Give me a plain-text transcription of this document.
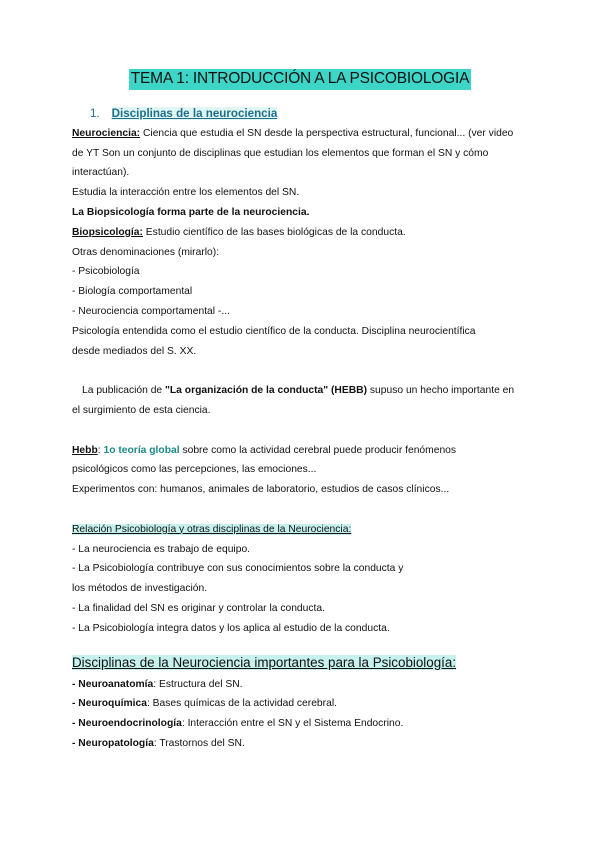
TEMA 1: INTRODUCCIÓN A LA PSICOBIOLOGIA
1. Disciplinas de la neurociencia
Neurociencia: Ciencia que estudia el SN desde la perspectiva estructural, funcional... (ver video
de YT Son un conjunto de disciplinas que estudian los elementos que forman el SN y cómo
interactúan).
Estudia la interacción entre los elementos del SN.
La Biopsicología forma parte de la neurociencia.
Biopsicología: Estudio científico de las bases biológicas de la conducta.
Otras denominaciones (mirarlo):
- Psicobiología
- Biología comportamental
- Neurociencia comportamental -...
Psicología entendida como el estudio científico de la conducta. Disciplina neurocientífica
desde mediados del S. XX.
La publicación de "La organización de la conducta" (HEBB) supuso un hecho importante en
el surgimiento de esta ciencia.
Hebb: 1o teoría global sobre como la actividad cerebral puede producir fenómenos
psicológicos como las percepciones, las emociones...
Experimentos con: humanos, animales de laboratorio, estudios de casos clínicos...
Relación Psicobiología y otras disciplinas de la Neurociencia:
- La neurociencia es trabajo de equipo.
- La Psicobiología contribuye con sus conocimientos sobre la conducta y
los métodos de investigación.
- La finalidad del SN es originar y controlar la conducta.
- La Psicobiología integra datos y los aplica al estudio de la conducta.
Disciplinas de la Neurociencia importantes para la Psicobiología:
- Neuroanatomía: Estructura del SN.
- Neuroquímica: Bases químicas de la actividad cerebral.
- Neuroendocrinología: Interacción entre el SN y el Sistema Endocrino.
- Neuropatología: Trastornos del SN.
